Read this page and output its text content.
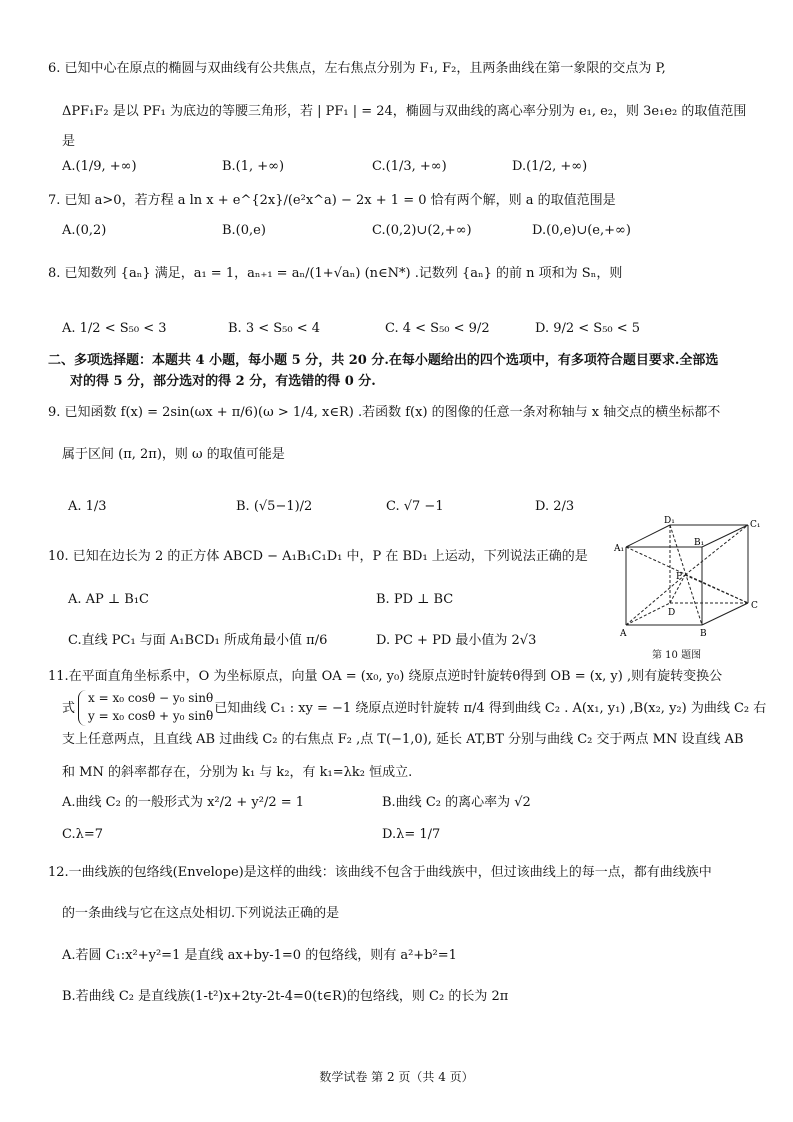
6. 已知中心在原点的椭圆与双曲线有公共焦点，左右焦点分别为 F₁, F₂，且两条曲线在第一象限的交点为 P,
ΔPF₁F₂ 是以 PF₁ 为底边的等腰三角形，若 | PF₁ | = 24，椭圆与双曲线的离心率分别为 e₁, e₂，则 3e₁e₂ 的取值范围
是
A.(1/9, +∞)	B.(1, +∞)	C.(1/3, +∞)	D.(1/2, +∞)
7. 已知 a>0，若方程 a ln x + e^{2x}/(e²x^a) − 2x + 1 = 0 恰有两个解，则 a 的取值范围是
A.(0,2)	B.(0,e)	C.(0,2)∪(2,+∞)	D.(0,e)∪(e,+∞)
8. 已知数列 {aₙ} 满足，a₁ = 1，aₙ₊₁ = aₙ/(1+√aₙ) (n∈N*) .记数列 {aₙ} 的前 n 项和为 Sₙ，则
A. 1/2 < S₅₀ < 3	B. 3 < S₅₀ < 4	C. 4 < S₅₀ < 9/2	D. 9/2 < S₅₀ < 5
二、多项选择题：本题共 4 小题，每小题 5 分，共 20 分.在每小题给出的四个选项中，有多项符合题目要求.全部选
对的得 5 分，部分选对的得 2 分，有选错的得 0 分.
9. 已知函数 f(x) = 2sin(ωx + π/6)(ω > 1/4, x∈R) .若函数 f(x) 的图像的任意一条对称轴与 x 轴交点的横坐标都不
属于区间 (π, 2π)，则 ω 的取值可能是
A. 1/3	B. (√5−1)/2	C. √7 −1	D. 2/3
10. 已知在边长为 2 的正方体 ABCD − A₁B₁C₁D₁ 中，P 在 BD₁ 上运动，下列说法正确的是
A. AP ⊥ B₁C	B. PD ⊥ BC
C.直线 PC₁ 与面 A₁BCD₁ 所成角最小值 π/6	D. PC + PD 最小值为 2√3
D₁	C₁
A₁
B₁
P
D
C
A	B
第 10 题图
11.在平面直角坐标系中，O 为坐标原点，向量 OA = (x₀, y₀) 绕原点逆时针旋转θ得到 OB = (x, y) ,则有旋转变换公
式
x = x₀ cosθ − y₀ sinθ
y = x₀ cosθ + y₀ sinθ
. 已知曲线 C₁ : xy = −1 绕原点逆时针旋转 π/4 得到曲线 C₂ . A(x₁, y₁) ,B(x₂, y₂) 为曲线 C₂ 右
支上任意两点，且直线 AB 过曲线 C₂ 的右焦点 F₂ ,点 T(−1,0), 延长 AT,BT 分别与曲线 C₂ 交于两点 MN 设直线 AB
和 MN 的斜率都存在，分别为 k₁ 与 k₂，有 k₁=λk₂ 恒成立.
A.曲线 C₂ 的一般形式为 x²/2 + y²/2 = 1	B.曲线 C₂ 的离心率为 √2
C.λ=7	D.λ= 1/7
12.一曲线族的包络线(Envelope)是这样的曲线：该曲线不包含于曲线族中，但过该曲线上的每一点，都有曲线族中
的一条曲线与它在这点处相切.下列说法正确的是
A.若圆 C₁:x²+y²=1 是直线 ax+by-1=0 的包络线，则有 a²+b²=1
B.若曲线 C₂ 是直线族(1-t²)x+2ty-2t-4=0(t∈R)的包络线，则 C₂ 的长为 2π
数学试卷 第 2 页（共 4 页）
